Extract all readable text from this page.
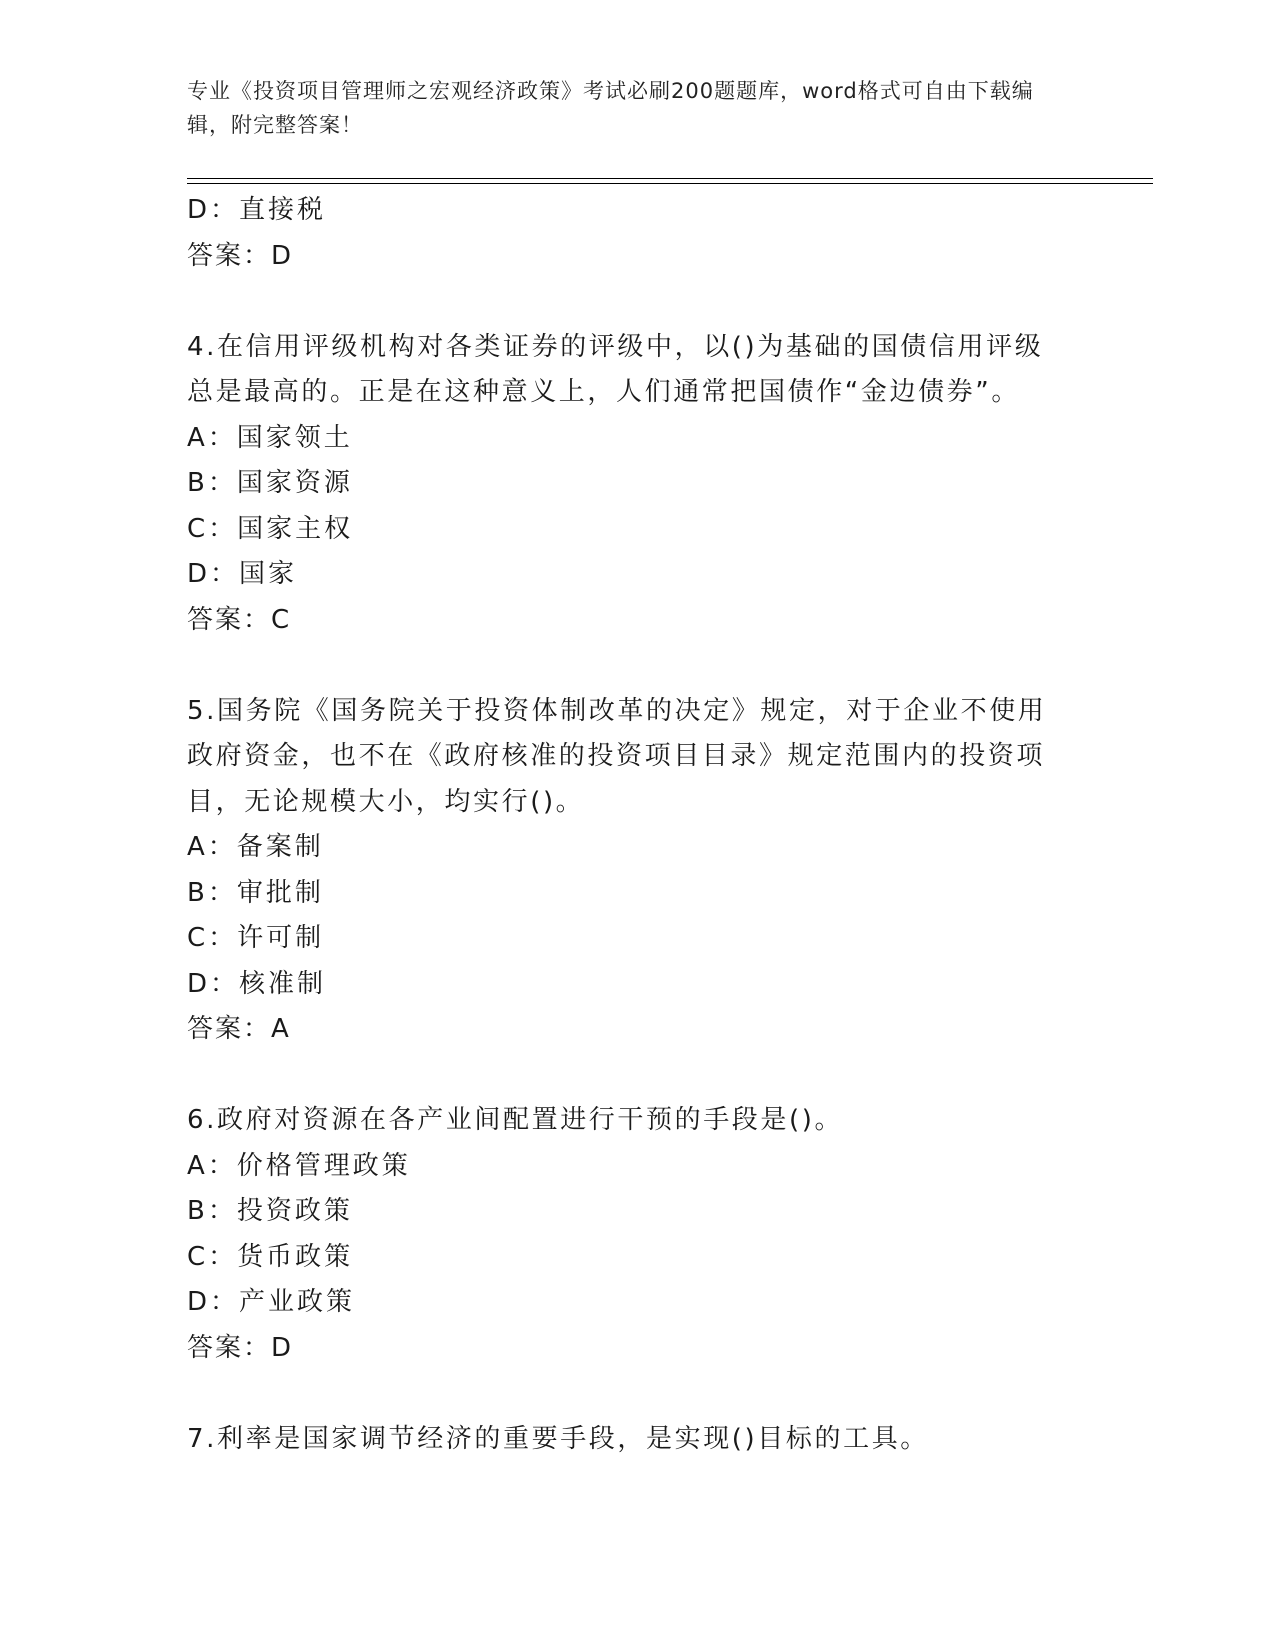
专业《投资项目管理师之宏观经济政策》考试必刷200题题库，word格式可自由下载编辑，附完整答案！
D：直接税
答案：D
4.在信用评级机构对各类证券的评级中，以()为基础的国债信用评级总是最高的。正是在这种意义上，人们通常把国债作“金边债券”。
A：国家领土
B：国家资源
C：国家主权
D：国家
答案：C
5.国务院《国务院关于投资体制改革的决定》规定，对于企业不使用政府资金，也不在《政府核准的投资项目目录》规定范围内的投资项目，无论规模大小，均实行()。
A：备案制
B：审批制
C：许可制
D：核准制
答案：A
6.政府对资源在各产业间配置进行干预的手段是()。
A：价格管理政策
B：投资政策
C：货币政策
D：产业政策
答案：D
7.利率是国家调节经济的重要手段，是实现()目标的工具。
